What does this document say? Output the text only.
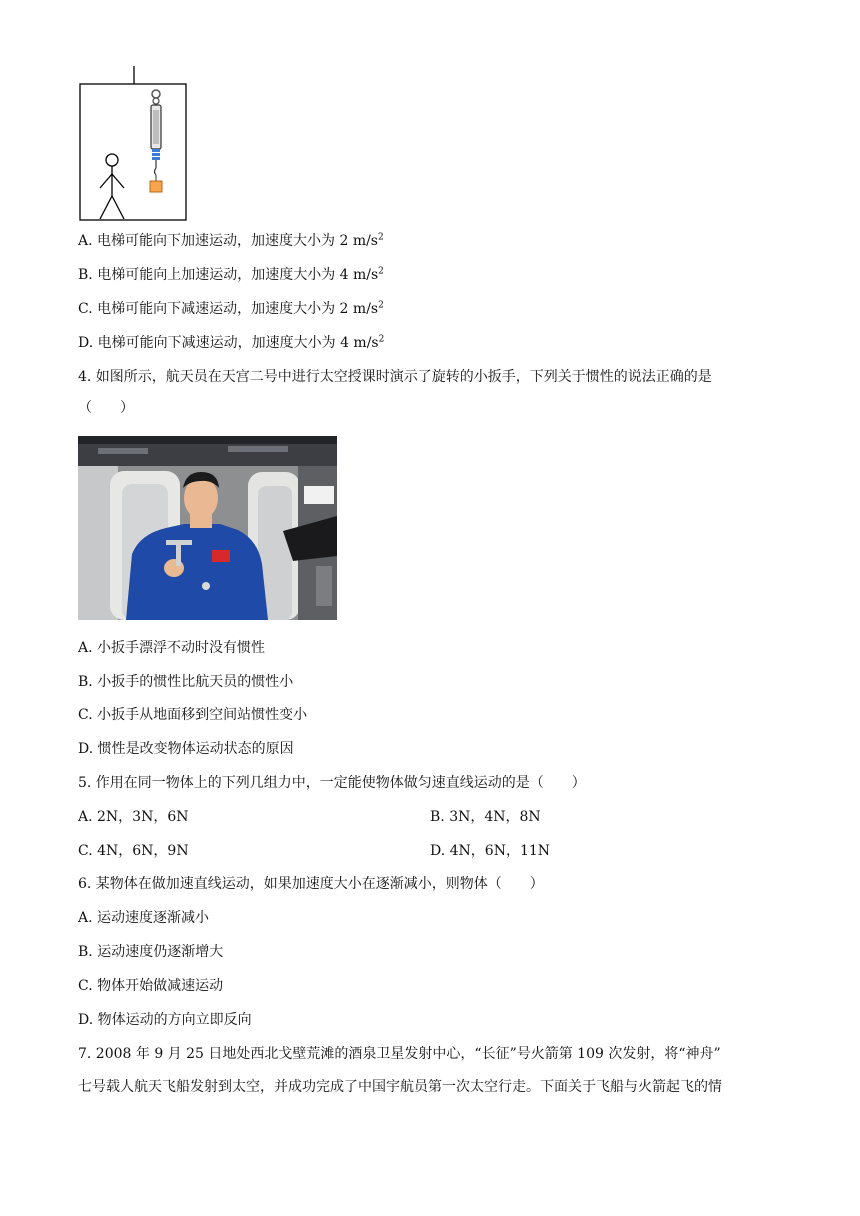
A. 电梯可能向下加速运动，加速度大小为 2 $m/s^2$
B. 电梯可能向上加速运动，加速度大小为 4 $m/s^2$
C. 电梯可能向下减速运动，加速度大小为 2 $m/s^2$
D. 电梯可能向下减速运动，加速度大小为 4 $m/s^2$
4. 如图所示，航天员在天宫二号中进行太空授课时演示了旋转的小扳手，下列关于惯性的说法正确的是
（　　）
A. 小扳手漂浮不动时没有惯性
B. 小扳手的惯性比航天员的惯性小
C. 小扳手从地面移到空间站惯性变小
D. 惯性是改变物体运动状态的原因
5. 作用在同一物体上的下列几组力中，一定能使物体做匀速直线运动的是（　　）
A. 2N，3N，6N	B. 3N，4N，8N
C. 4N，6N，9N	D. 4N，6N，11N
6. 某物体在做加速直线运动，如果加速度大小在逐渐减小，则物体（　　）
A. 运动速度逐渐减小
B. 运动速度仍逐渐增大
C. 物体开始做减速运动
D. 物体运动的方向立即反向
7. 2008 年 9 月 25 日地处西北戈壁荒滩的酒泉卫星发射中心，“长征”号火箭第 109 次发射，将“神舟”
七号载人航天飞船发射到太空，并成功完成了中国宇航员第一次太空行走。下面关于飞船与火箭起飞的情
